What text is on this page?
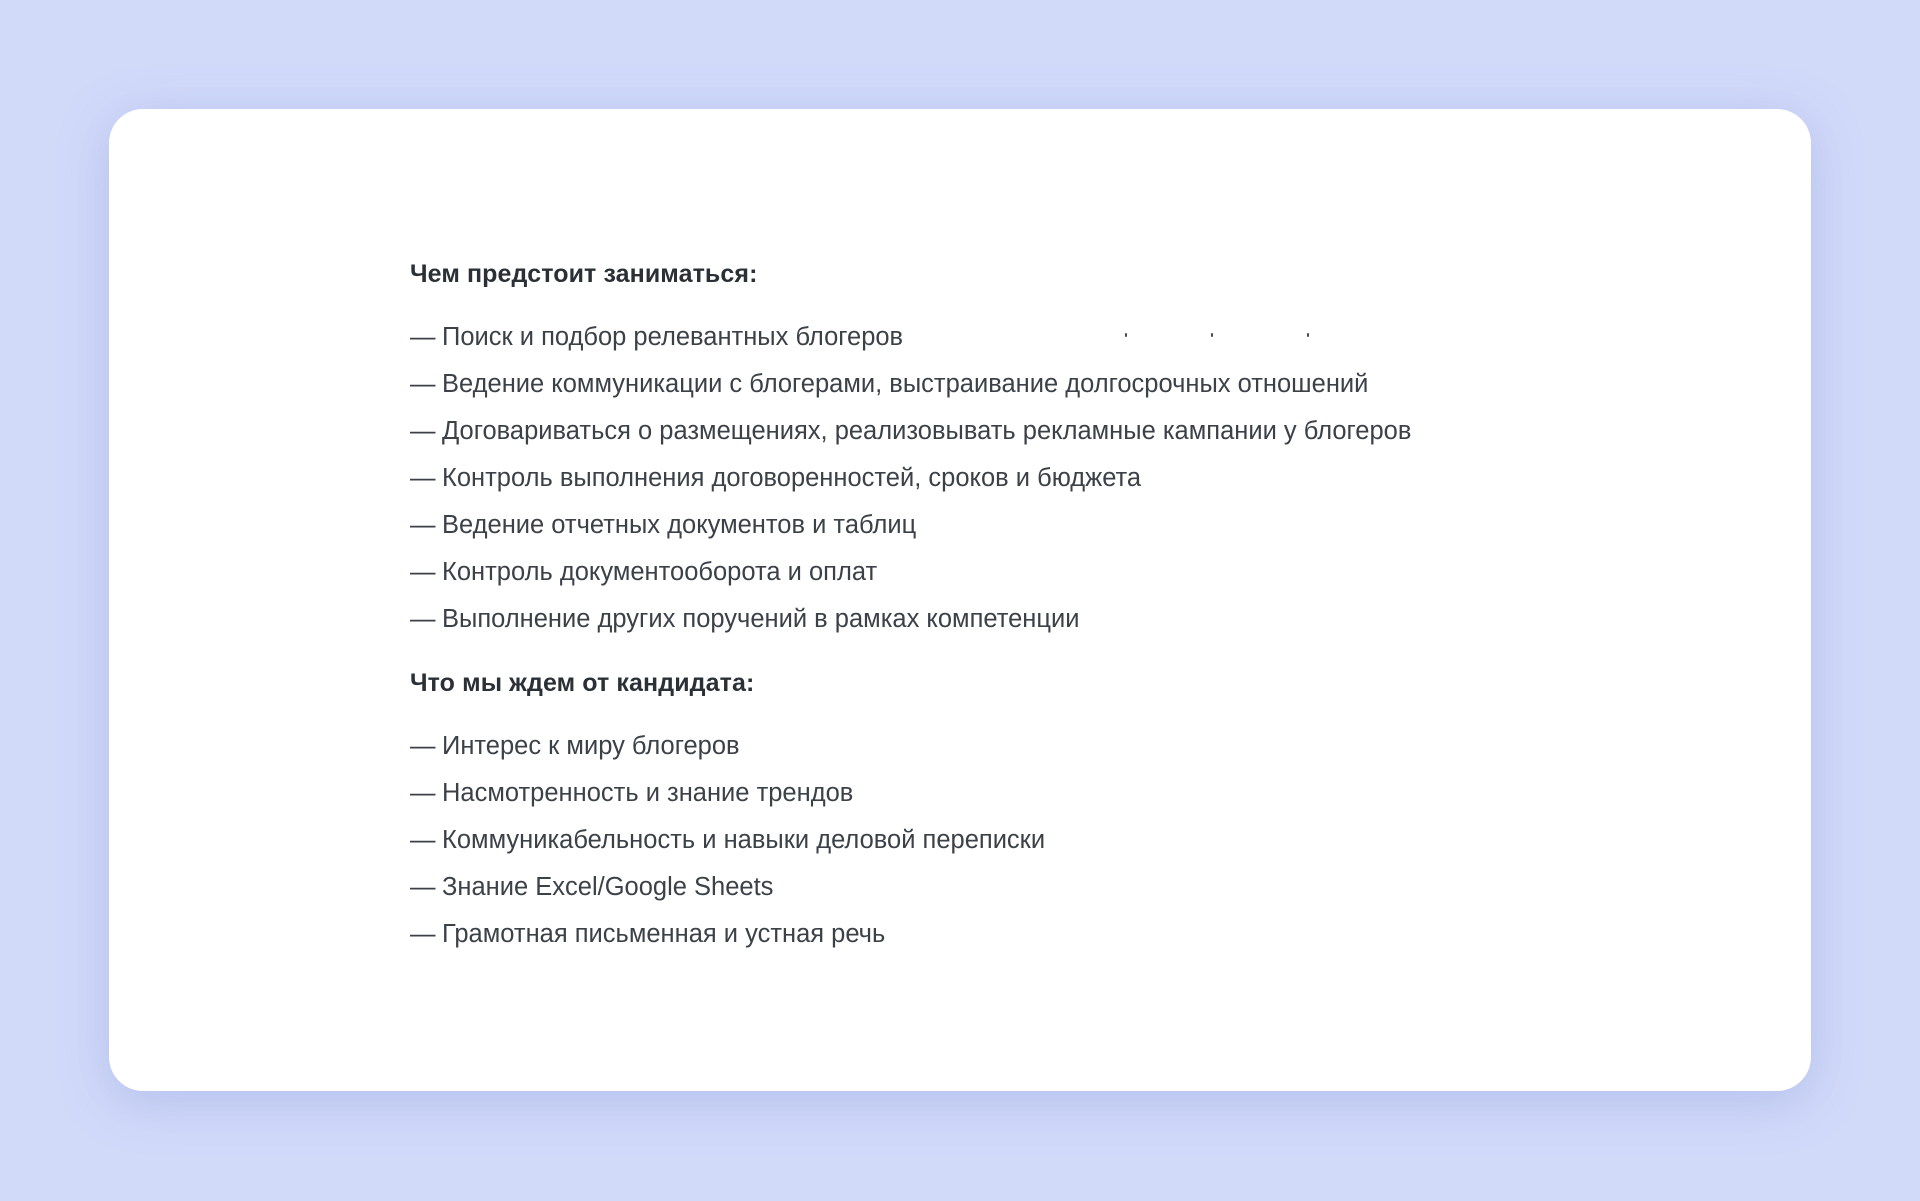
Чем предстоит заниматься:
— Поиск и подбор релевантных блогеров
— Ведение коммуникации с блогерами, выстраивание долгосрочных отношений
— Договариваться о размещениях, реализовывать рекламные кампании у блогеров
— Контроль выполнения договоренностей, сроков и бюджета
— Ведение отчетных документов и таблиц
— Контроль документооборота и оплат
— Выполнение других поручений в рамках компетенции
Что мы ждем от кандидата:
— Интерес к миру блогеров
— Насмотренность и знание трендов
— Коммуникабельность и навыки деловой переписки
— Знание Excel/Google Sheets
— Грамотная письменная и устная речь
